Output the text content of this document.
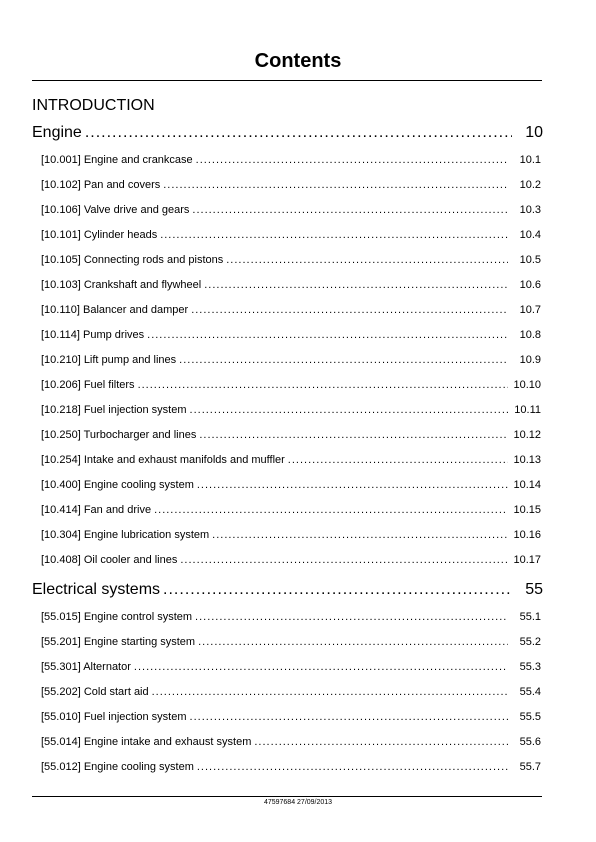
Contents
INTRODUCTION
Engine .....	10
[10.001] Engine and crankcase .....	10.1
[10.102] Pan and covers .....	10.2
[10.106] Valve drive and gears .....	10.3
[10.101] Cylinder heads .....	10.4
[10.105] Connecting rods and pistons .....	10.5
[10.103] Crankshaft and flywheel .....	10.6
[10.110] Balancer and damper .....	10.7
[10.114] Pump drives .....	10.8
[10.210] Lift pump and lines .....	10.9
[10.206] Fuel filters .....	10.10
[10.218] Fuel injection system .....	10.11
[10.250] Turbocharger and lines .....	10.12
[10.254] Intake and exhaust manifolds and muffler .....	10.13
[10.400] Engine cooling system .....	10.14
[10.414] Fan and drive .....	10.15
[10.304] Engine lubrication system .....	10.16
[10.408] Oil cooler and lines .....	10.17
Electrical systems .....	55
[55.015] Engine control system .....	55.1
[55.201] Engine starting system .....	55.2
[55.301] Alternator .....	55.3
[55.202] Cold start aid .....	55.4
[55.010] Fuel injection system .....	55.5
[55.014] Engine intake and exhaust system .....	55.6
[55.012] Engine cooling system .....	55.7
47597684 27/09/2013
